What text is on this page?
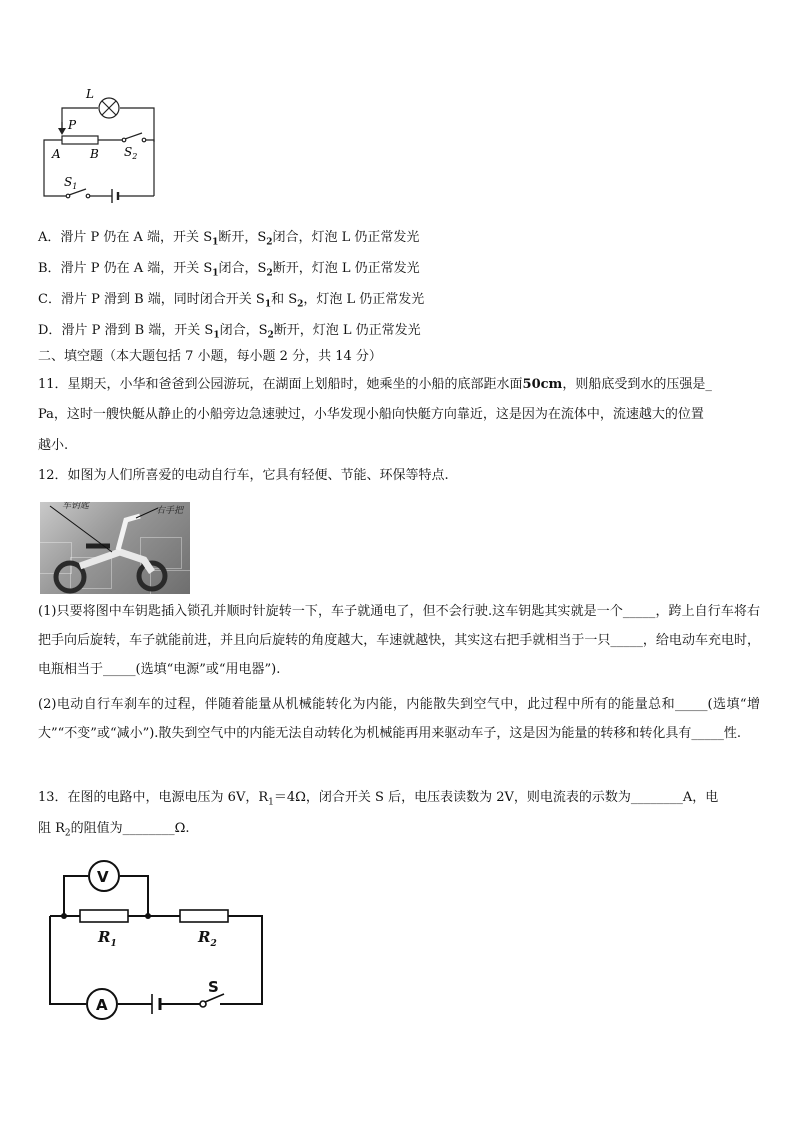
L
P
A B $S_2$
$S_1$
A．滑片 P 仍在 A 端，开关 $S_1$断开，$S_2$闭合，灯泡 L 仍正常发光
B．滑片 P 仍在 A 端，开关 $S_1$闭合，$S_2$断开，灯泡 L 仍正常发光
C．滑片 P 滑到 B 端，同时闭合开关 $S_1$和 $S_2$，灯泡 L 仍正常发光
D．滑片 P 滑到 B 端，开关 $S_1$闭合，$S_2$断开，灯泡 L 仍正常发光
二、填空题（本大题包括 7 小题，每小题 2 分，共 14 分）
11．星期天，小华和爸爸到公园游玩，在湖面上划船时，她乘坐的小船的底部距水面50cm，则船底受到水的压强是_
Pa，这时一艘快艇从静止的小船旁边急速驶过，小华发现小船向快艇方向靠近，这是因为在流体中，流速越大的位置
越小.
12．如图为人们所喜爱的电动自行车，它具有轻便、节能、环保等特点.
车钥匙	右手把
(1)只要将图中车钥匙插入锁孔并顺时针旋转一下，车子就通电了，但不会行驶.这车钥匙其实就是一个_____，跨上自行车将右把手向后旋转，车子就能前进，并且向后旋转的角度越大，车速就越快，其实这右把手就相当于一只_____，给电动车充电时，电瓶相当于_____(选填“电源”或“用电器”).
(2)电动自行车刹车的过程，伴随着能量从机械能转化为内能，内能散失到空气中，此过程中所有的能量总和_____(选填“增大”“不变”或“减小”).散失到空气中的内能无法自动转化为机械能再用来驱动车子，这是因为能量的转移和转化具有_____性.
13．在图的电路中，电源电压为 6V，$R_1=4\Omega$，闭合开关 S 后，电压表读数为 2V，则电流表的示数为________A，电
阻 $R_2$的阻值为________Ω.
V
A
$R_1$	$R_2$
S
